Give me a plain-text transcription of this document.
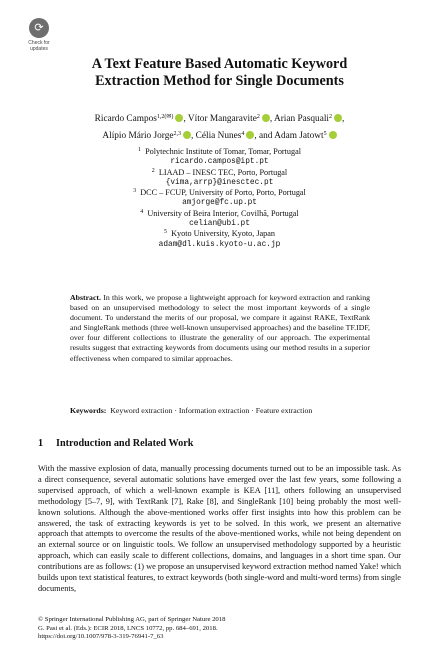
⟳
Check for updates
A Text Feature Based Automatic Keyword
Extraction Method for Single Documents
Ricardo Campos$^{1,2(✉)}$ , Vítor Mangaravite$^2$ , Arian Pasquali$^2$ ,
Alípio Mário Jorge$^{2,3}$ , Célia Nunes$^4$ , and Adam Jatowt$^5$
$^1$ Polytechnic Institute of Tomar, Tomar, Portugal
ricardo.campos@ipt.pt
$^2$ LIAAD – INESC TEC, Porto, Portugal
{vima,arrp}@inesctec.pt
$^3$ DCC – FCUP, University of Porto, Porto, Portugal
amjorge@fc.up.pt
$^4$ University of Beira Interior, Covilhã, Portugal
celian@ubi.pt
$^5$ Kyoto University, Kyoto, Japan
adam@dl.kuis.kyoto-u.ac.jp
Abstract. In this work, we propose a lightweight approach for keyword extraction and ranking based on an unsupervised methodology to select the most important keywords of a single document. To understand the merits of our proposal, we compare it against RAKE, TextRank and SingleRank methods (three well-known unsupervised approaches) and the baseline TF.IDF, over four different collections to illustrate the generality of our approach. The experimental results suggest that extracting keywords from documents using our method results in a superior effectiveness when compared to similar approaches.
Keywords: Keyword extraction · Information extraction · Feature extraction
1 Introduction and Related Work
With the massive explosion of data, manually processing documents turned out to be an impossible task. As a direct consequence, several automatic solutions have emerged over the last few years, some following a supervised approach, of which a well-known example is KEA [11], others following an unsupervised methodology [5–7, 9], with TextRank [7], Rake [8], and SingleRank [10] being probably the most well-known solutions. Although the above-mentioned works offer first insights into how this problem can be answered, the task of extracting keywords is yet to be solved. In this work, we present an alternative approach that attempts to overcome the results of the above-mentioned works, while not being dependent on an external source or on linguistic tools. We follow an unsupervised methodology supported by a heuristic approach, which can easily scale to different collections, domains, and languages in a short time span. Our contributions are as follows: (1) we propose an unsupervised keyword extraction method named Yake! which builds upon text statistical features, to extract keywords (both single-word and multi-word terms) from single documents,
© Springer International Publishing AG, part of Springer Nature 2018
G. Pasi et al. (Eds.): ECIR 2018, LNCS 10772, pp. 684–691, 2018.
https://doi.org/10.1007/978-3-319-76941-7_63
